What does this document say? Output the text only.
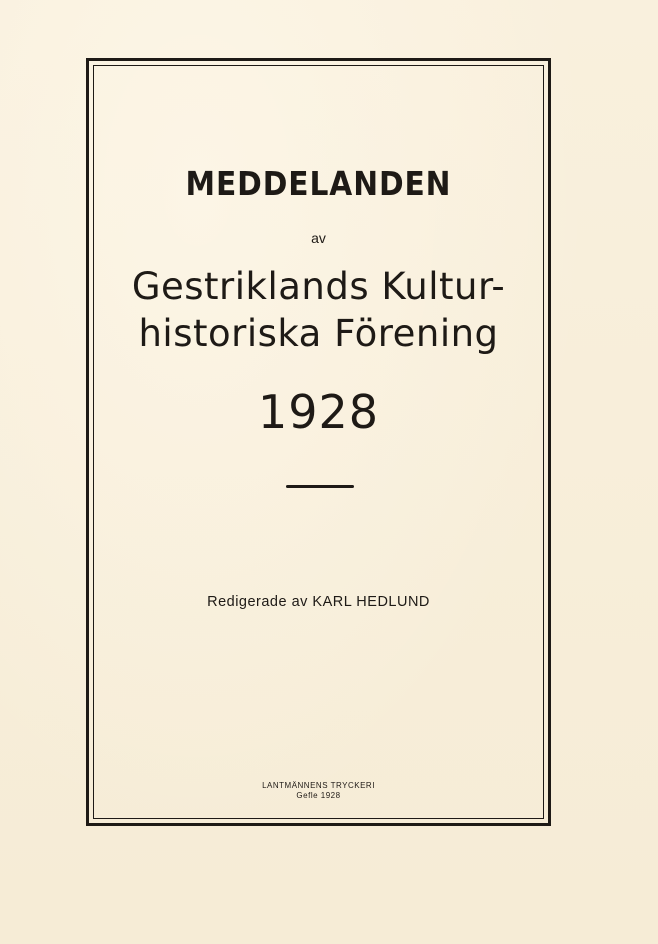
MEDDELANDEN
av
Gestriklands Kultur-
historiska Förening
1928
Redigerade av KARL HEDLUND
LANTMÄNNENS TRYCKERI
Gefle 1928
